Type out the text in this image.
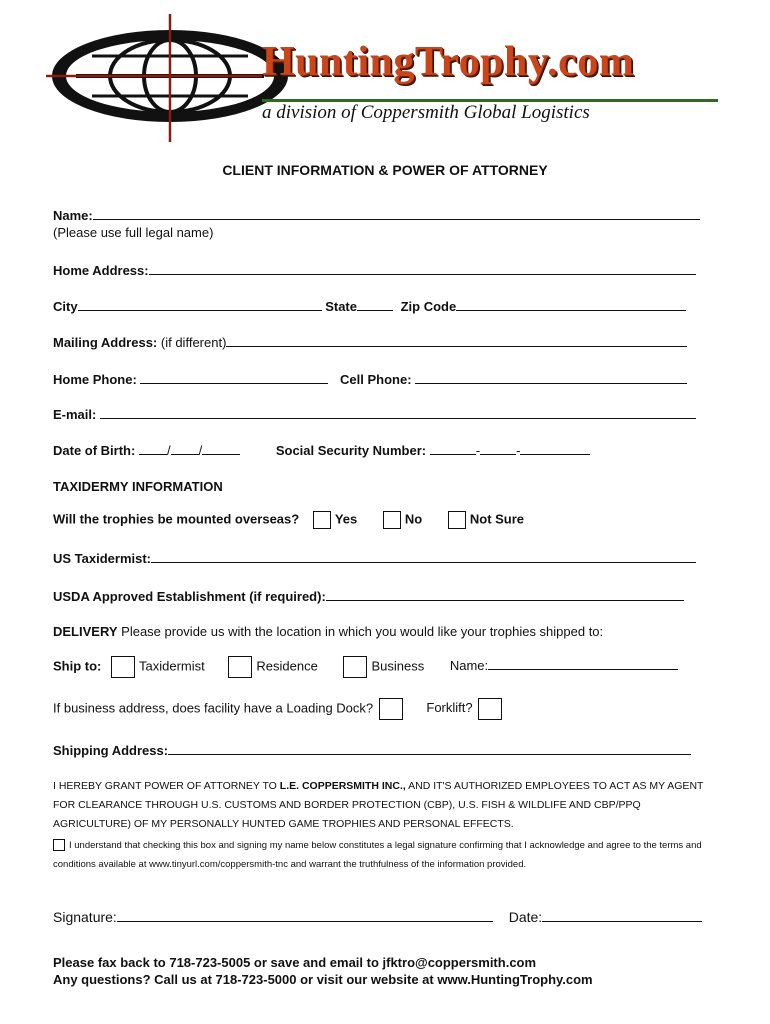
HuntingTrophy.com
a division of Coppersmith Global Logistics
CLIENT INFORMATION & POWER OF ATTORNEY
Name:
(Please use full legal name)
Home Address:
City	State	Zip Code
Mailing Address: (if different)
Home Phone:	Cell Phone:
E-mail:
Date of Birth: / /	Social Security Number:	-	-
TAXIDERMY INFORMATION
Will the trophies be mounted overseas?	Yes	No	Not Sure
US Taxidermist:
USDA Approved Establishment (if required):
DELIVERY Please provide us with the location in which you would like your trophies shipped to:
Ship to:	Taxidermist	Residence	Business Name:
If business address, does facility have a Loading Dock?	Forklift?
Shipping Address:
I HEREBY GRANT POWER OF ATTORNEY TO L.E. COPPERSMITH INC., AND IT'S AUTHORIZED EMPLOYEES TO ACT AS MY AGENT FOR CLEARANCE THROUGH U.S. CUSTOMS AND BORDER PROTECTION (CBP), U.S. FISH & WILDLIFE AND CBP/PPQ AGRICULTURE) OF MY PERSONALLY HUNTED GAME TROPHIES AND PERSONAL EFFECTS.
I understand that checking this box and signing my name below constitutes a legal signature confirming that I acknowledge and agree to the terms and conditions available at www.tinyurl.com/coppersmith-tnc and warrant the truthfulness of the information provided.
Signature:	Date:
Please fax back to 718-723-5005 or save and email to jfktro@coppersmith.com
Any questions? Call us at 718-723-5000 or visit our website at www.HuntingTrophy.com
